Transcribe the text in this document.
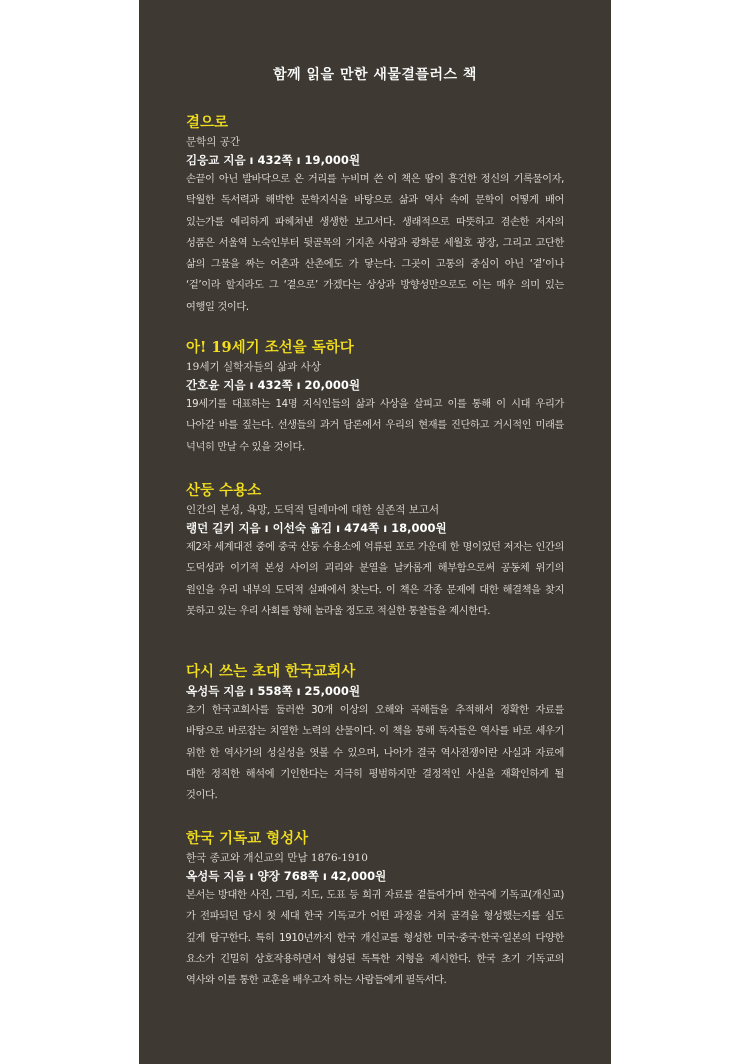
함께 읽을 만한 새물결플러스 책

결으로

문학의 공간

김응교 지음 ı 432쪽 ı 19,000원

손끝이 아닌 발바닥으로 온 거리를 누비며 쓴 이 책은 땀이 흥건한 정신의 기록물이자, 탁월한 독서력과 해박한 문학지식을 바탕으로 삶과 역사 속에 문학이 어떻게 배어 있는가를 예리하게 파헤쳐낸 생생한 보고서다. 생래적으로 따뜻하고 겸손한 저자의 성품은 서울역 노숙인부터 뒷골목의 기지촌 사람과 광화문 세월호 광장, 그리고 고단한 삶의 그물을 짜는 어촌과 산촌에도 가 닿는다. 그곳이 고통의 중심이 아닌 ‘곁’이나 ‘겉’이라 할지라도 그 ‘곁으로’ 가겠다는 상상과 방향성만으로도 이는 매우 의미 있는 여행일 것이다.

아! 19세기 조선을 독하다

19세기 실학자들의 삶과 사상

간호윤 지음 ı 432쪽 ı 20,000원

19세기를 대표하는 14명 지식인들의 삶과 사상을 살피고 이를 통해 이 시대 우리가 나아갈 바를 짚는다. 선생들의 과거 담론에서 우리의 현재를 진단하고 거시적인 미래를 넉넉히 만날 수 있을 것이다.

산둥 수용소

인간의 본성, 욕망, 도덕적 딜레마에 대한 실존적 보고서

랭던 길키 지음 ı 이선숙 옮김 ı 474쪽 ı 18,000원

제2차 세계대전 중에 중국 산둥 수용소에 억류된 포로 가운데 한 명이었던 저자는 인간의 도덕성과 이기적 본성 사이의 괴리와 분열을 날카롭게 해부함으로써 공동체 위기의 원인을 우리 내부의 도덕적 실패에서 찾는다. 이 책은 각종 문제에 대한 해결책을 찾지 못하고 있는 우리 사회를 향해 놀라울 정도로 적실한 통찰들을 제시한다.

다시 쓰는 초대 한국교회사

옥성득 지음 ı 558쪽 ı 25,000원

초기 한국교회사를 둘러싼 30개 이상의 오해와 곡해들을 추적해서 정확한 자료를 바탕으로 바로잡는 치열한 노력의 산물이다. 이 책을 통해 독자들은 역사를 바로 세우기 위한 한 역사가의 성실성을 엿볼 수 있으며, 나아가 결국 역사전쟁이란 사실과 자료에 대한 정직한 해석에 기인한다는 지극히 평범하지만 결정적인 사실을 재확인하게 될 것이다.

한국 기독교 형성사

한국 종교와 개신교의 만남 1876-1910

옥성득 지음 ı 양장 768쪽 ı 42,000원

본서는 방대한 사진, 그림, 지도, 도표 등 희귀 자료를 곁들여가며 한국에 기독교(개신교)가 전파되던 당시 첫 세대 한국 기독교가 어떤 과정을 거쳐 골격을 형성했는지를 심도 깊게 탐구한다. 특히 1910년까지 한국 개신교를 형성한 미국·중국·한국·일본의 다양한 요소가 긴밀히 상호작용하면서 형성된 독특한 지형을 제시한다. 한국 초기 기독교의 역사와 이를 통한 교훈을 배우고자 하는 사람들에게 필독서다.
